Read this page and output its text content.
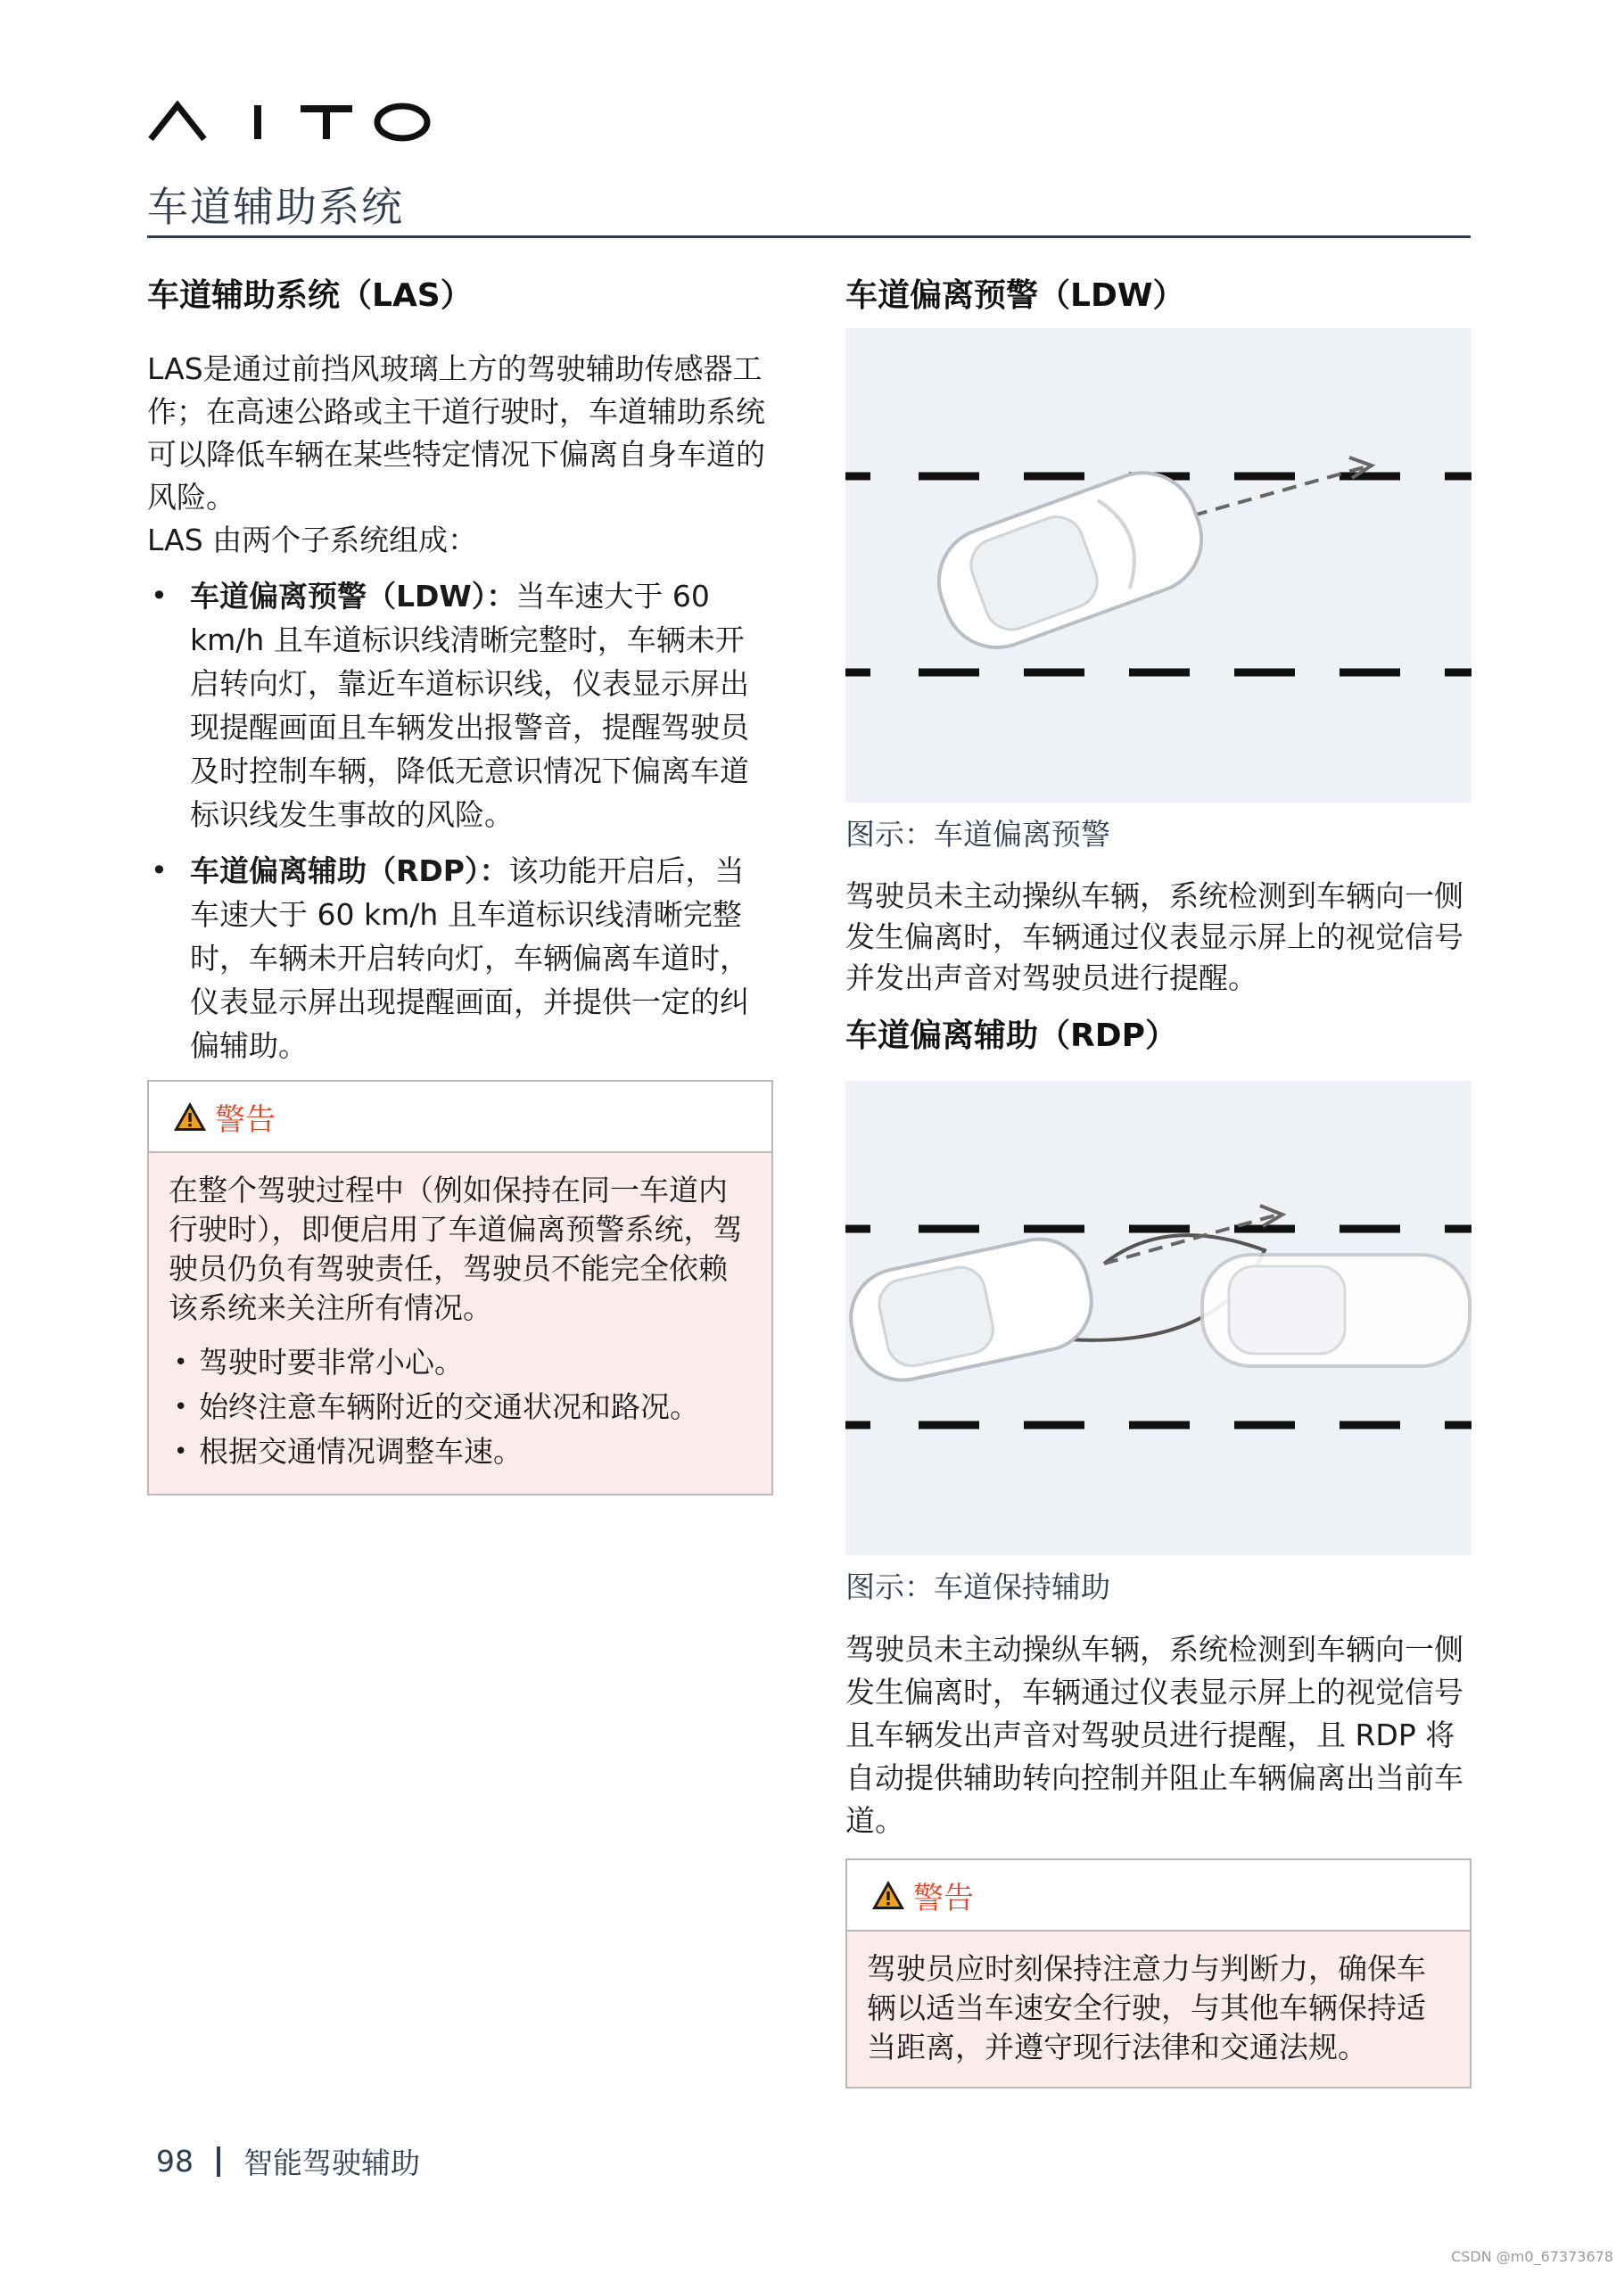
车道辅助系统
车道辅助系统（LAS）

LAS是通过前挡风玻璃上方的驾驶辅助传感器工作；在高速公路或主干道行驶时，车道辅助系统可以降低车辆在某些特定情况下偏离自身车道的风险。

LAS 由两个子系统组成：

• 车道偏离预警（LDW）：当车速大于 60 km/h 且车道标识线清晰完整时，车辆未开启转向灯，靠近车道标识线，仪表显示屏出现提醒画面且车辆发出报警音，提醒驾驶员及时控制车辆，降低无意识情况下偏离车道标识线发生事故的风险。
• 车道偏离辅助（RDP）：该功能开启后，当车速大于 60 km/h 且车道标识线清晰完整时，车辆未开启转向灯，车辆偏离车道时，仪表显示屏出现提醒画面，并提供一定的纠偏辅助。
警告

在整个驾驶过程中（例如保持在同一车道内行驶时），即便启用了车道偏离预警系统，驾驶员仍负有驾驶责任，驾驶员不能完全依赖该系统来关注所有情况。

• 驾驶时要非常小心。
• 始终注意车辆附近的交通状况和路况。
• 根据交通情况调整车速。
车道偏离预警（LDW）
图示：车道偏离预警

驾驶员未主动操纵车辆，系统检测到车辆向一侧发生偏离时，车辆通过仪表显示屏上的视觉信号并发出声音对驾驶员进行提醒。

车道偏离辅助（RDP）
图示：车道保持辅助

驾驶员未主动操纵车辆，系统检测到车辆向一侧发生偏离时，车辆通过仪表显示屏上的视觉信号且车辆发出声音对驾驶员进行提醒，且 RDP 将自动提供辅助转向控制并阻止车辆偏离出当前车道。

警告

驾驶员应时刻保持注意力与判断力，确保车辆以适当车速安全行驶，与其他车辆保持适当距离，并遵守现行法律和交通法规。

98 智能驾驶辅助
CSDN @m0_67373678
